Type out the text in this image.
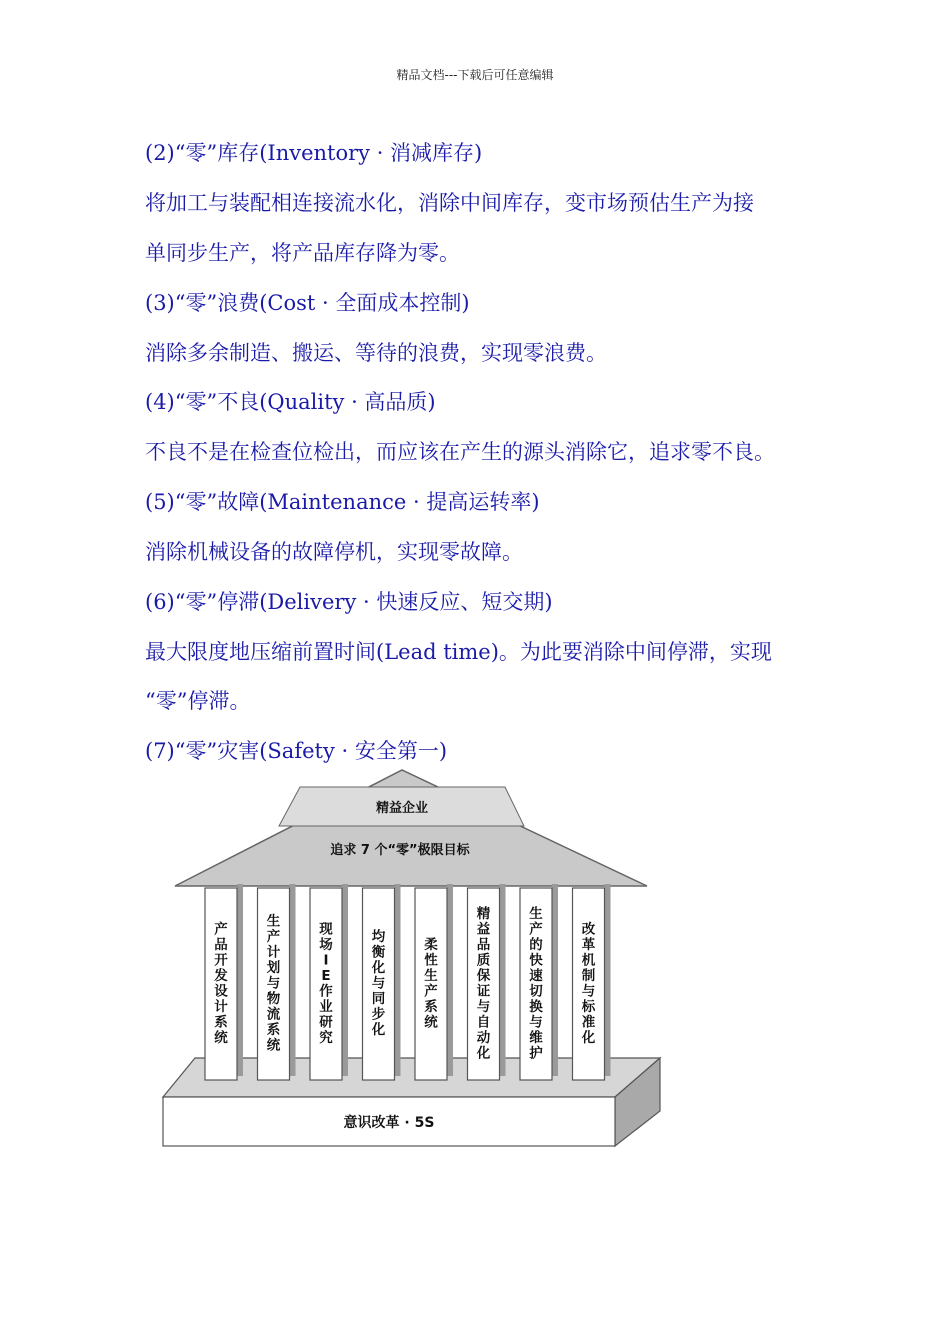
精品文档---下载后可任意编辑
(2)“零”库存(Inventory · 消减库存)
将加工与装配相连接流水化，消除中间库存，变市场预估生产为接
单同步生产，将产品库存降为零。
(3)“零”浪费(Cost · 全面成本控制)
消除多余制造、搬运、等待的浪费，实现零浪费。
(4)“零”不良(Quality · 高品质)
不良不是在检查位检出，而应该在产生的源头消除它，追求零不良。
(5)“零”故障(Maintenance · 提高运转率)
消除机械设备的故障停机，实现零故障。
(6)“零”停滞(Delivery · 快速反应、短交期)
最大限度地压缩前置时间(Lead time)。为此要消除中间停滞，实现
“零”停滞。
(7)“零”灾害(Safety · 安全第一)
精益企业
追求 7 个“零”极限目标
意识改革 · 5S
产品开发设计系统
生产计划与物流系统
现场 I E 作业研究
均衡化与同步化
柔性生产系统
精益品质保证与自动化
生产的快速切换与维护
改革机制与标准化
